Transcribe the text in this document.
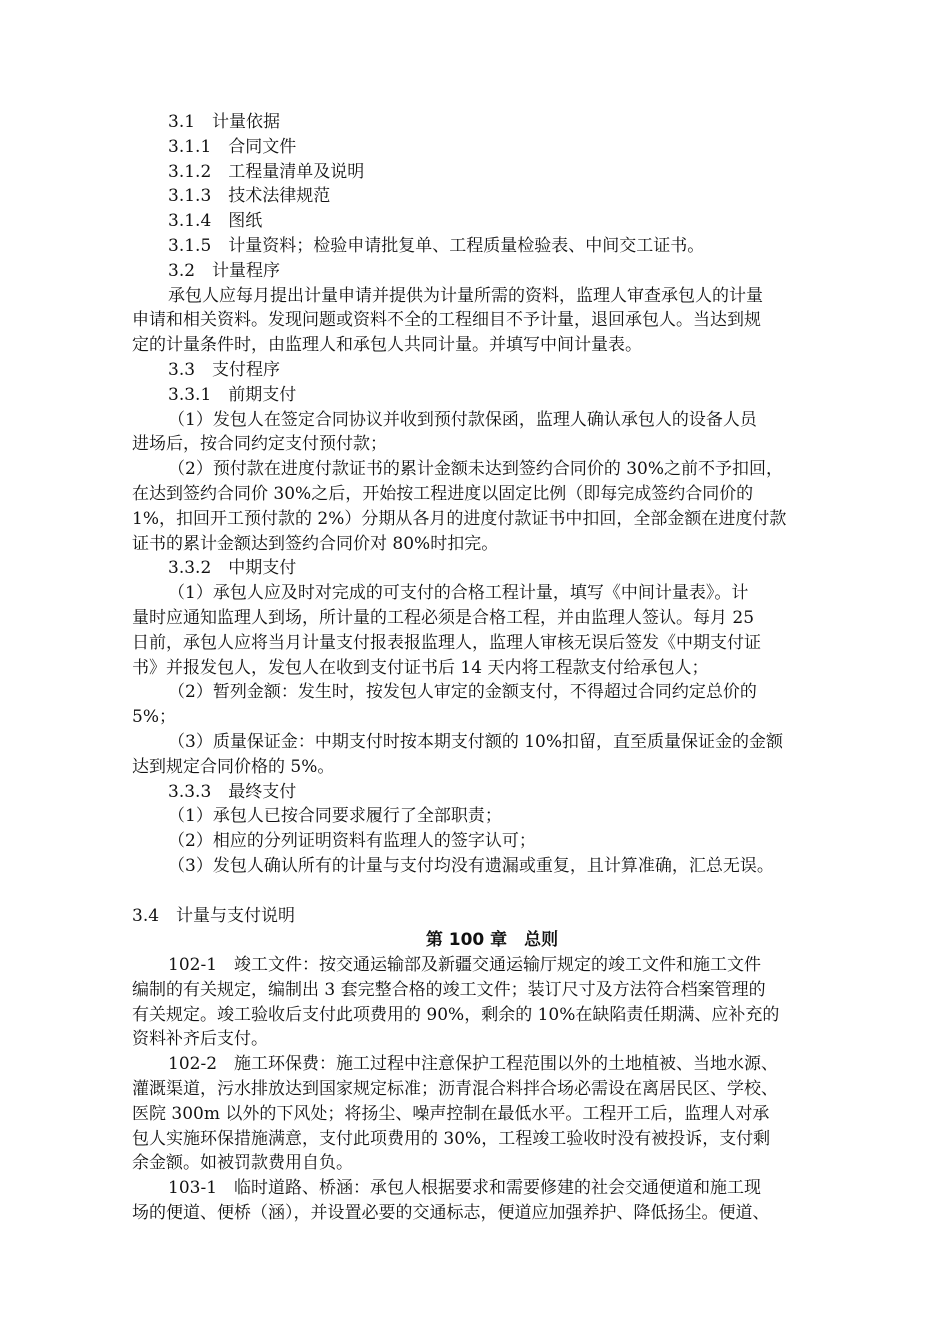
3.1　计量依据
3.1.1　合同文件
3.1.2　工程量清单及说明
3.1.3　技术法律规范
3.1.4　图纸
3.1.5　计量资料；检验申请批复单、工程质量检验表、中间交工证书。
3.2　计量程序
承包人应每月提出计量申请并提供为计量所需的资料，监理人审查承包人的计量
申请和相关资料。发现问题或资料不全的工程细目不予计量，退回承包人。当达到规
定的计量条件时，由监理人和承包人共同计量。并填写中间计量表。
3.3　支付程序
3.3.1　前期支付
（1）发包人在签定合同协议并收到预付款保函，监理人确认承包人的设备人员
进场后，按合同约定支付预付款；
（2）预付款在进度付款证书的累计金额未达到签约合同价的 30%之前不予扣回，
在达到签约合同价 30%之后，开始按工程进度以固定比例（即每完成签约合同价的
1%，扣回开工预付款的 2%）分期从各月的进度付款证书中扣回，全部金额在进度付款
证书的累计金额达到签约合同价对 80%时扣完。
3.3.2　中期支付
（1）承包人应及时对完成的可支付的合格工程计量，填写《中间计量表》。计
量时应通知监理人到场，所计量的工程必须是合格工程，并由监理人签认。每月 25
日前，承包人应将当月计量支付报表报监理人，监理人审核无误后签发《中期支付证
书》并报发包人，发包人在收到支付证书后 14 天内将工程款支付给承包人；
（2）暂列金额：发生时，按发包人审定的金额支付，不得超过合同约定总价的
5%；
（3）质量保证金：中期支付时按本期支付额的 10%扣留，直至质量保证金的金额
达到规定合同价格的 5%。
3.3.3　最终支付
（1）承包人已按合同要求履行了全部职责；
（2）相应的分列证明资料有监理人的签字认可；
（3）发包人确认所有的计量与支付均没有遗漏或重复，且计算准确，汇总无误。
3.4　计量与支付说明
第 100 章　总则
102-1　竣工文件：按交通运输部及新疆交通运输厅规定的竣工文件和施工文件
编制的有关规定，编制出 3 套完整合格的竣工文件；装订尺寸及方法符合档案管理的
有关规定。竣工验收后支付此项费用的 90%，剩余的 10%在缺陷责任期满、应补充的
资料补齐后支付。
102-2　施工环保费：施工过程中注意保护工程范围以外的土地植被、当地水源、
灌溉渠道，污水排放达到国家规定标准；沥青混合料拌合场必需设在离居民区、学校、
医院 300m 以外的下风处；将扬尘、噪声控制在最低水平。工程开工后，监理人对承
包人实施环保措施满意，支付此项费用的 30%，工程竣工验收时没有被投诉，支付剩
余金额。如被罚款费用自负。
103-1　临时道路、桥涵：承包人根据要求和需要修建的社会交通便道和施工现
场的便道、便桥（涵），并设置必要的交通标志，便道应加强养护、降低扬尘。便道、
